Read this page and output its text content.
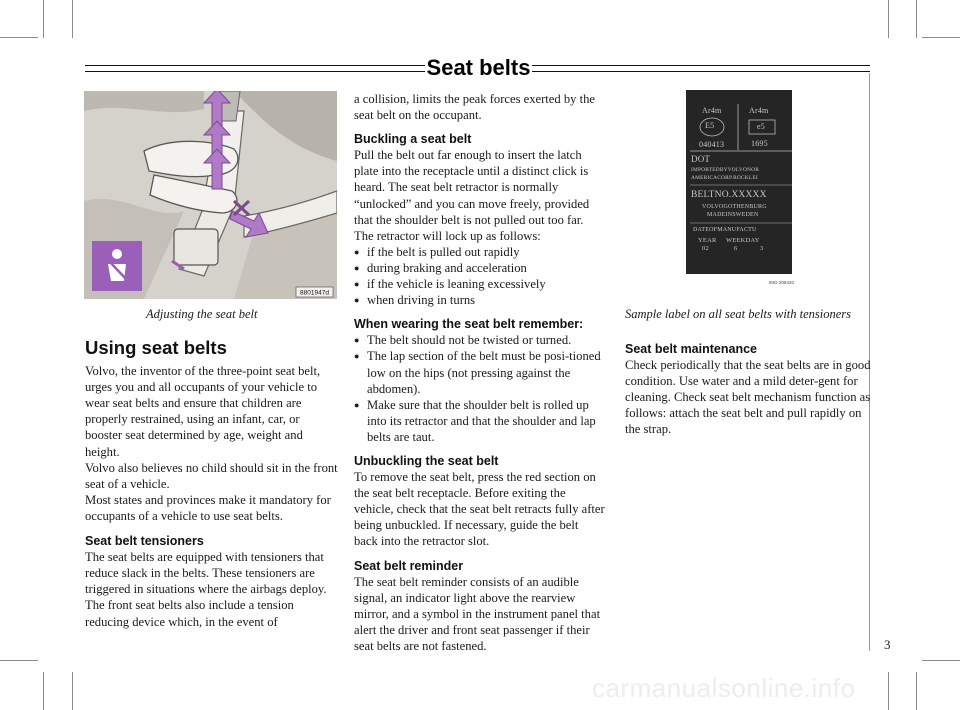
Seat belts
8801947d
Adjusting the seat belt
Ar4m	Ar4m
E5	e5
040413	1695
DOT
IMPORTEDBYVOLVONOR
AMERICACORP.ROCKLEI
BELTNO.XXXXX
VOLVOGOTHENBURG
MADEINSWEDEN
DATEOFMANUFACTU
YEAR WEEKDAY
02	6	3
IMG-208420
Sample label on all seat belts with tensioners

Using seat belts

Volvo, the inventor of the three-point seat belt, urges you and all occupants of your vehicle to wear seat belts and ensure that children are properly restrained, using an infant, car, or booster seat determined by age, weight and height.

Volvo also believes no child should sit in the front seat of a vehicle.

Most states and provinces make it mandatory for occupants of a vehicle to use seat belts.

Seat belt tensioners

The seat belts are equipped with tensioners that reduce slack in the belts. These tensioners are triggered in situations where the airbags deploy. The front seat belts also include a tension reducing device which, in the event of

a collision, limits the peak forces exerted by the seat belt on the occupant.

Buckling a seat belt

Pull the belt out far enough to insert the latch plate into the receptacle until a distinct click is heard. The seat belt retractor is normally “unlocked” and you can move freely, provided that the shoulder belt is not pulled out too far.

The retractor will lock up as follows:

● if the belt is pulled out rapidly
● during braking and acceleration
● if the vehicle is leaning excessively
● when driving in turns

When wearing the seat belt remember:

● The belt should not be twisted or turned.
● The lap section of the belt must be posi-tioned low on the hips (not pressing against the abdomen).
● Make sure that the shoulder belt is rolled up into its retractor and that the shoulder and lap belts are taut.

Unbuckling the seat belt

To remove the seat belt, press the red section on the seat belt receptacle. Before exiting the vehicle, check that the seat belt retracts fully after being unbuckled. If necessary, guide the belt back into the retractor slot.

Seat belt reminder

The seat belt reminder consists of an audible signal, an indicator light above the rearview mirror, and a symbol in the instrument panel that alert the driver and front seat passenger if their seat belts are not fastened.

Seat belt maintenance

Check periodically that the seat belts are in good condition. Use water and a mild deter-gent for cleaning. Check seat belt mechanism function as follows: attach the seat belt and pull rapidly on the strap.

3
carmanualsonline.info
